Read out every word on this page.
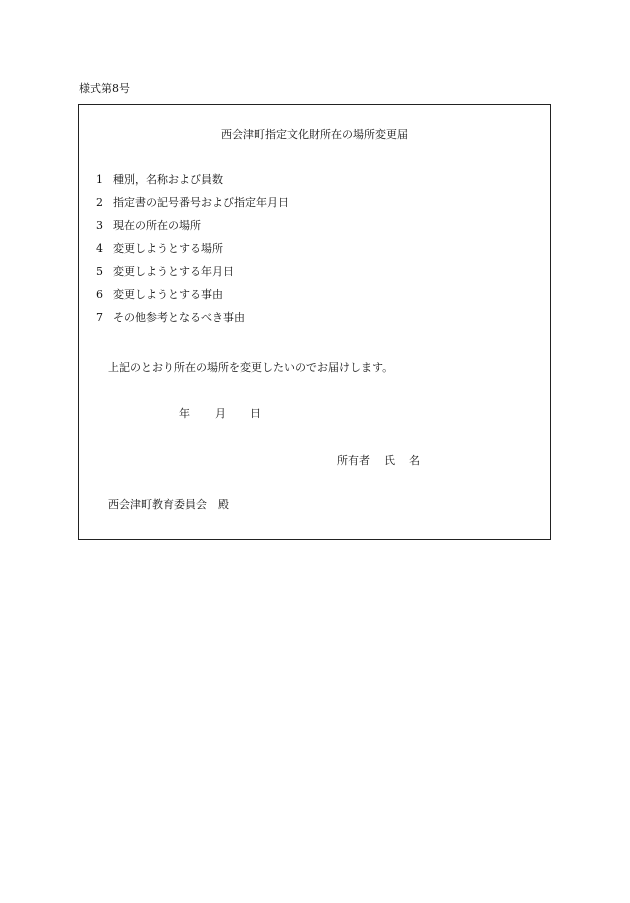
様式第8号
西会津町指定文化財所在の場所変更届
1 種別，名称および員数
2 指定書の記号番号および指定年月日
3 現在の所在の場所
4 変更しようとする場所
5 変更しようとする年月日
6 変更しようとする事由
7 その他参考となるべき事由
上記のとおり所在の場所を変更したいのでお届けします。
年 月 日
所有者 氏 名
西会津町教育委員会　殿
